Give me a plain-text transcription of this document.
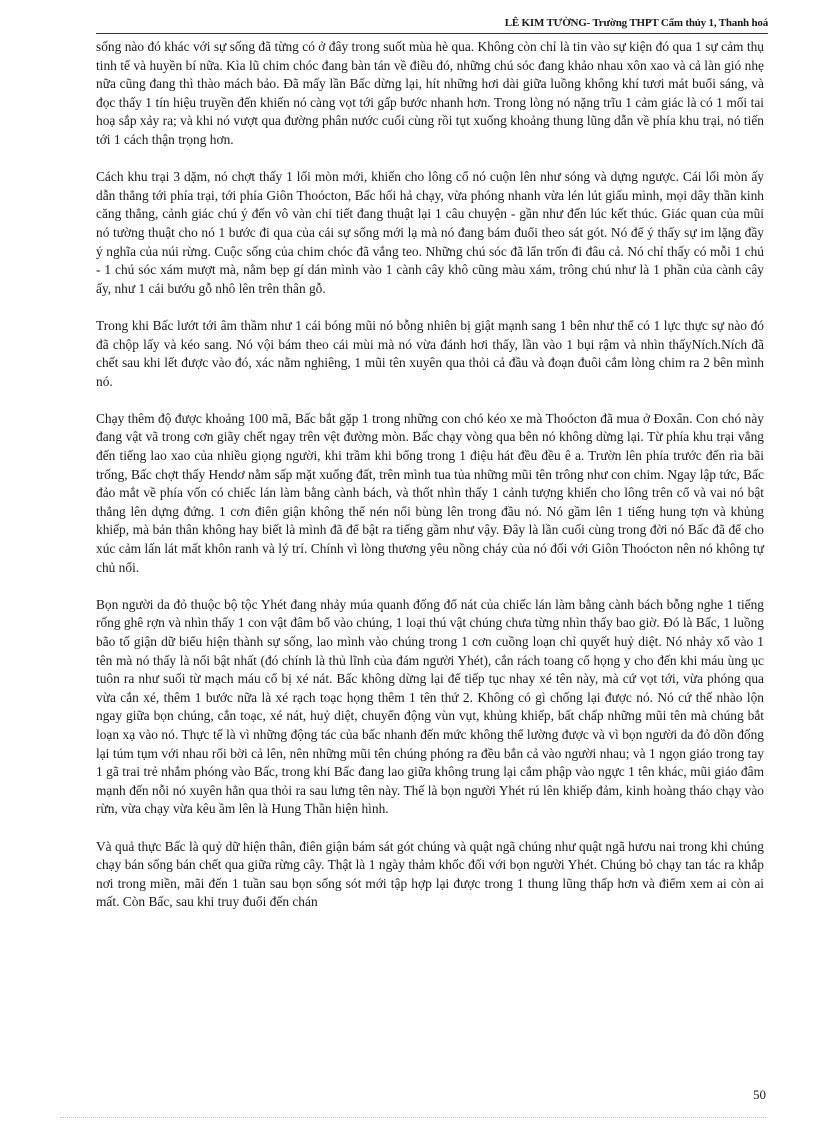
LÊ KIM TƯỜNG- Trường THPT Cẩm thủy 1, Thanh hoá

sống nào đó khác với sự sống đã từng có ở đây trong suốt mùa hè qua. Không còn chỉ là tin vào sự kiện đó qua 1 sự cảm thụ tinh tế và huyền bí nữa. Kìa lũ chim chóc đang bàn tán về điều đó, những chú sóc đang khảo nhau xôn xao và cả làn gió nhẹ nữa cũng đang thì thào mách bảo. Đã mấy lần Bấc dừng lại, hít những hơi dài giữa luồng không khí tươi mát buổi sáng, và đọc thấy 1 tín hiệu truyền đến khiến nó càng vọt tới gấp bước nhanh hơn. Trong lòng nó nặng trĩu 1 cảm giác là có 1 mối tai hoạ sắp xảy ra; và khi nó vượt qua đường phân nước cuối cùng rồi tụt xuống khoảng thung lũng dẫn về phía khu trại, nó tiến tới 1 cách thận trọng hơn.

Cách khu trại 3 dặm, nó chợt thấy 1 lối mòn mới, khiến cho lông cổ nó cuộn lên như sóng và dựng ngược. Cái lối mòn ấy dẫn thẳng tới phía trại, tới phía Giôn Thoócton, Bấc hối hả chạy, vừa phóng nhanh vừa lén lút giấu mình, mọi dây thần kinh căng thẳng, cảnh giác chú ý đến vô vàn chi tiết đang thuật lại 1 câu chuyện - gần như đến lúc kết thúc. Giác quan của mũi nó tường thuật cho nó 1 bước đi qua của cái sự sống mới lạ mà nó đang bám đuổi theo sát gót. Nó để ý thấy sự im lặng đầy ý nghĩa của núi rừng. Cuộc sống của chim chóc đã vắng teo. Những chú sóc đã lẩn trốn đi đâu cả. Nó chỉ thấy có mỗi 1 chú - 1 chú sóc xám mượt mà, nằm bẹp gí dán mình vào 1 cành cây khô cũng màu xám, trông chú như là 1 phần của cành cây ấy, như 1 cái bướu gỗ nhô lên trên thân gỗ.

Trong khi Bấc lướt tới âm thầm như 1 cái bóng mũi nó bỗng nhiên bị giật mạnh sang 1 bên như thể có 1 lực thực sự nào đó đã chộp lấy và kéo sang. Nó vội bám theo cái mùi mà nó vừa đánh hơi thấy, lần vào 1 bụi rậm và nhìn thấyNích.Ních đã chết sau khi lết được vào đó, xác nằm nghiêng, 1 mũi tên xuyên qua thỏi cả đầu và đoạn đuôi cắm lòng chim ra 2 bên mình nó.

Chạy thêm độ được khoảng 100 mã, Bấc bắt gặp 1 trong những con chó kéo xe mà Thoócton đã mua ở Đoxân. Con chó này đang vật vã trong cơn giãy chết ngay trên vệt đường mòn. Bấc chạy vòng qua bên nó không dừng lại. Từ phía khu trại vẳng đến tiếng lao xao của nhiều giọng người, khi trầm khi bổng trong 1 điệu hát đều đều ê a. Trườn lên phía trước đến rìa bãi trống, Bấc chợt thấy Hendơ nằm sấp mặt xuống đất, trên mình tua tủa những mũi tên trông như con chim. Ngay lập tức, Bấc đảo mắt về phía vốn có chiếc lán làm bằng cành bách, và thốt nhìn thấy 1 cảnh tượng khiến cho lông trên cổ và vai nó bật thẳng lên dựng đứng. 1 cơn điên giận không thể nén nổi bùng lên trong đầu nó. Nó gầm lên 1 tiếng hung tợn và khủng khiếp, mà bản thân không hay biết là mình đã để bật ra tiếng gầm như vậy. Đây là lần cuối cùng trong đời nó Bấc đã để cho xúc cảm lấn lát mất khôn ranh và lý trí. Chính vì lòng thương yêu nồng cháy của nó đối với Giôn Thoócton nên nó không tự chủ nổi.

Bọn người da đỏ thuộc bộ tộc Yhét đang nhảy múa quanh đống đổ nát của chiếc lán làm bằng cành bách bỗng nghe 1 tiếng rống ghê rợn và nhìn thấy 1 con vật đâm bổ vào chúng, 1 loại thú vật chúng chưa từng nhìn thấy bao giờ. Đó là Bấc, 1 luồng bão tố giận dữ biểu hiện thành sự sống, lao mình vào chúng trong 1 cơn cuồng loạn chỉ quyết huỷ diệt. Nó nhảy xổ vào 1 tên mà nó thấy là nổi bật nhất (đó chính là thủ lĩnh của đám người Yhét), cắn rách toang cổ họng y cho đến khi máu ùng ục tuôn ra như suối từ mạch máu cổ bị xé nát. Bấc không dừng lại để tiếp tục nhay xé tên này, mà cứ vọt tới, vừa phóng qua vừa cắn xé, thêm 1 bước nữa là xé rạch toạc họng thêm 1 tên thứ 2. Không có gì chống lại được nó. Nó cứ thế nhào lộn ngay giữa bọn chúng, cắn toạc, xé nát, huỷ diệt, chuyển động vùn vụt, khủng khiếp, bất chấp những mũi tên mà chúng bắt loạn xạ vào nó. Thực tế là vì những động tác của bấc nhanh đến mức không thể lường được và vì bọn người da đỏ dồn đống lại túm tụm với nhau rối bời cả lên, nên những mũi tên chúng phóng ra đều bắn cả vào người nhau; và 1 ngọn giáo trong tay 1 gã trai trẻ nhắm phóng vào Bấc, trong khi Bấc đang lao giữa không trung lại cắm phập vào ngực 1 tên khác, mũi giáo đâm mạnh đến nỗi nó xuyên hẳn qua thỏi ra sau lưng tên này. Thế là bọn người Yhét rú lên khiếp đảm, kinh hoàng tháo chạy vào rừn, vừa chạy vừa kêu ầm lên là Hung Thần hiện hình.

Và quả thực Bấc là quỷ dữ hiện thân, điên giận bám sát gót chúng và quật ngã chúng như quật ngã hươu nai trong khi chúng chạy bán sống bán chết qua giữa rừng cây. Thật là 1 ngày thảm khốc đối với bọn người Yhét. Chúng bỏ chạy tan tác ra khắp nơi trong miền, mãi đến 1 tuần sau bọn sống sót mới tập hợp lại được trong 1 thung lũng thấp hơn và điểm xem ai còn ai mất. Còn Bấc, sau khi truy đuổi đến chán

50
